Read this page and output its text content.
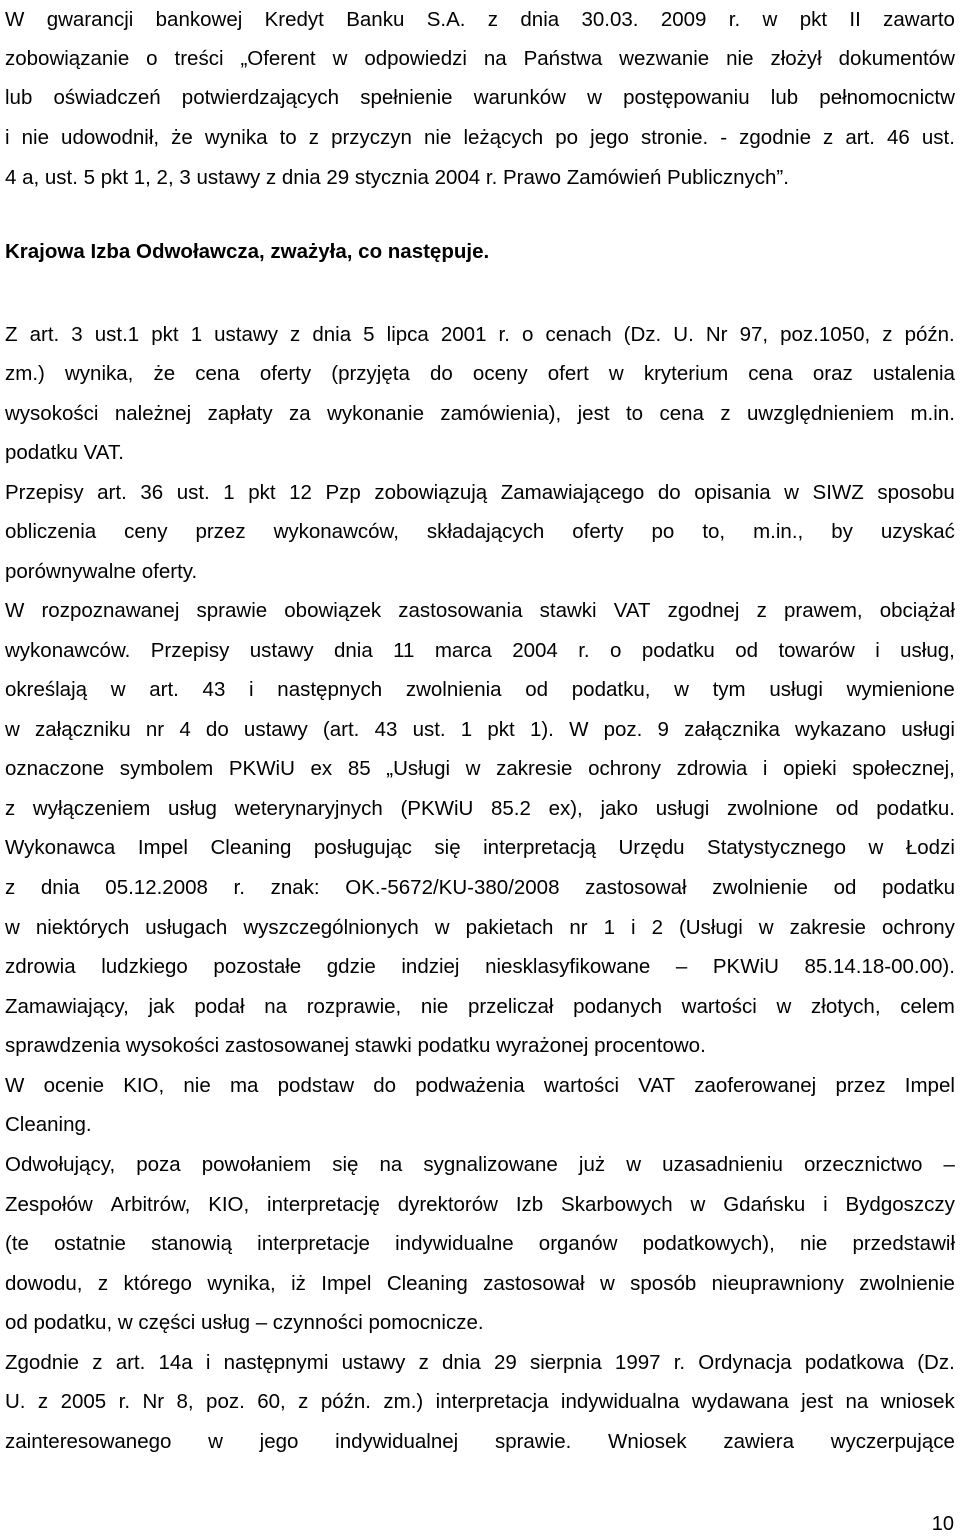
W gwarancji bankowej Kredyt Banku S.A. z dnia 30.03. 2009 r. w pkt II zawarto
zobowiązanie o treści „Oferent w odpowiedzi na Państwa wezwanie nie złożył dokumentów
lub oświadczeń potwierdzających spełnienie warunków w postępowaniu lub pełnomocnictw
i nie udowodnił, że wynika to z przyczyn nie leżących po jego stronie. - zgodnie z art. 46 ust.
4 a, ust. 5 pkt 1, 2, 3 ustawy z dnia 29 stycznia 2004 r. Prawo Zamówień Publicznych”.
Krajowa Izba Odwoławcza, zważyła, co następuje.
Z art. 3 ust.1 pkt 1 ustawy z dnia 5 lipca 2001 r. o cenach (Dz. U. Nr 97, poz.1050, z późn.
zm.) wynika, że cena oferty (przyjęta do oceny ofert w kryterium cena oraz ustalenia
wysokości należnej zapłaty za wykonanie zamówienia), jest to cena z uwzględnieniem m.in.
podatku VAT.
Przepisy art. 36 ust. 1 pkt 12 Pzp zobowiązują Zamawiającego do opisania w SIWZ sposobu
obliczenia ceny przez wykonawców, składających oferty po to, m.in., by uzyskać
porównywalne oferty.
W rozpoznawanej sprawie obowiązek zastosowania stawki VAT zgodnej z prawem, obciążał
wykonawców. Przepisy ustawy dnia 11 marca 2004 r. o podatku od towarów i usług,
określają w art. 43 i następnych zwolnienia od podatku, w tym usługi wymienione
w załączniku nr 4 do ustawy (art. 43 ust. 1 pkt 1). W poz. 9 załącznika wykazano usługi
oznaczone symbolem PKWiU ex 85 „Usługi w zakresie ochrony zdrowia i opieki społecznej,
z wyłączeniem usług weterynaryjnych (PKWiU 85.2 ex), jako usługi zwolnione od podatku.
Wykonawca Impel Cleaning posługując się interpretacją Urzędu Statystycznego w Łodzi
z dnia 05.12.2008 r. znak: OK.-5672/KU-380/2008 zastosował zwolnienie od podatku
w niektórych usługach wyszczególnionych w pakietach nr 1 i 2 (Usługi w zakresie ochrony
zdrowia ludzkiego pozostałe gdzie indziej niesklasyfikowane – PKWiU 85.14.18-00.00).
Zamawiający, jak podał na rozprawie, nie przeliczał podanych wartości w złotych, celem
sprawdzenia wysokości zastosowanej stawki podatku wyrażonej procentowo.
W ocenie KIO, nie ma podstaw do podważenia wartości VAT zaoferowanej przez Impel
Cleaning.
Odwołujący, poza powołaniem się na sygnalizowane już w uzasadnieniu orzecznictwo –
Zespołów Arbitrów, KIO, interpretację dyrektorów Izb Skarbowych w Gdańsku i Bydgoszczy
(te ostatnie stanowią interpretacje indywidualne organów podatkowych), nie przedstawił
dowodu, z którego wynika, iż Impel Cleaning zastosował w sposób nieuprawniony zwolnienie
od podatku, w części usług – czynności pomocnicze.
Zgodnie z art. 14a i następnymi ustawy z dnia 29 sierpnia 1997 r. Ordynacja podatkowa (Dz.
U. z 2005 r. Nr 8, poz. 60, z późn. zm.) interpretacja indywidualna wydawana jest na wniosek
zainteresowanego w jego indywidualnej sprawie. Wniosek zawiera wyczerpujące
10
